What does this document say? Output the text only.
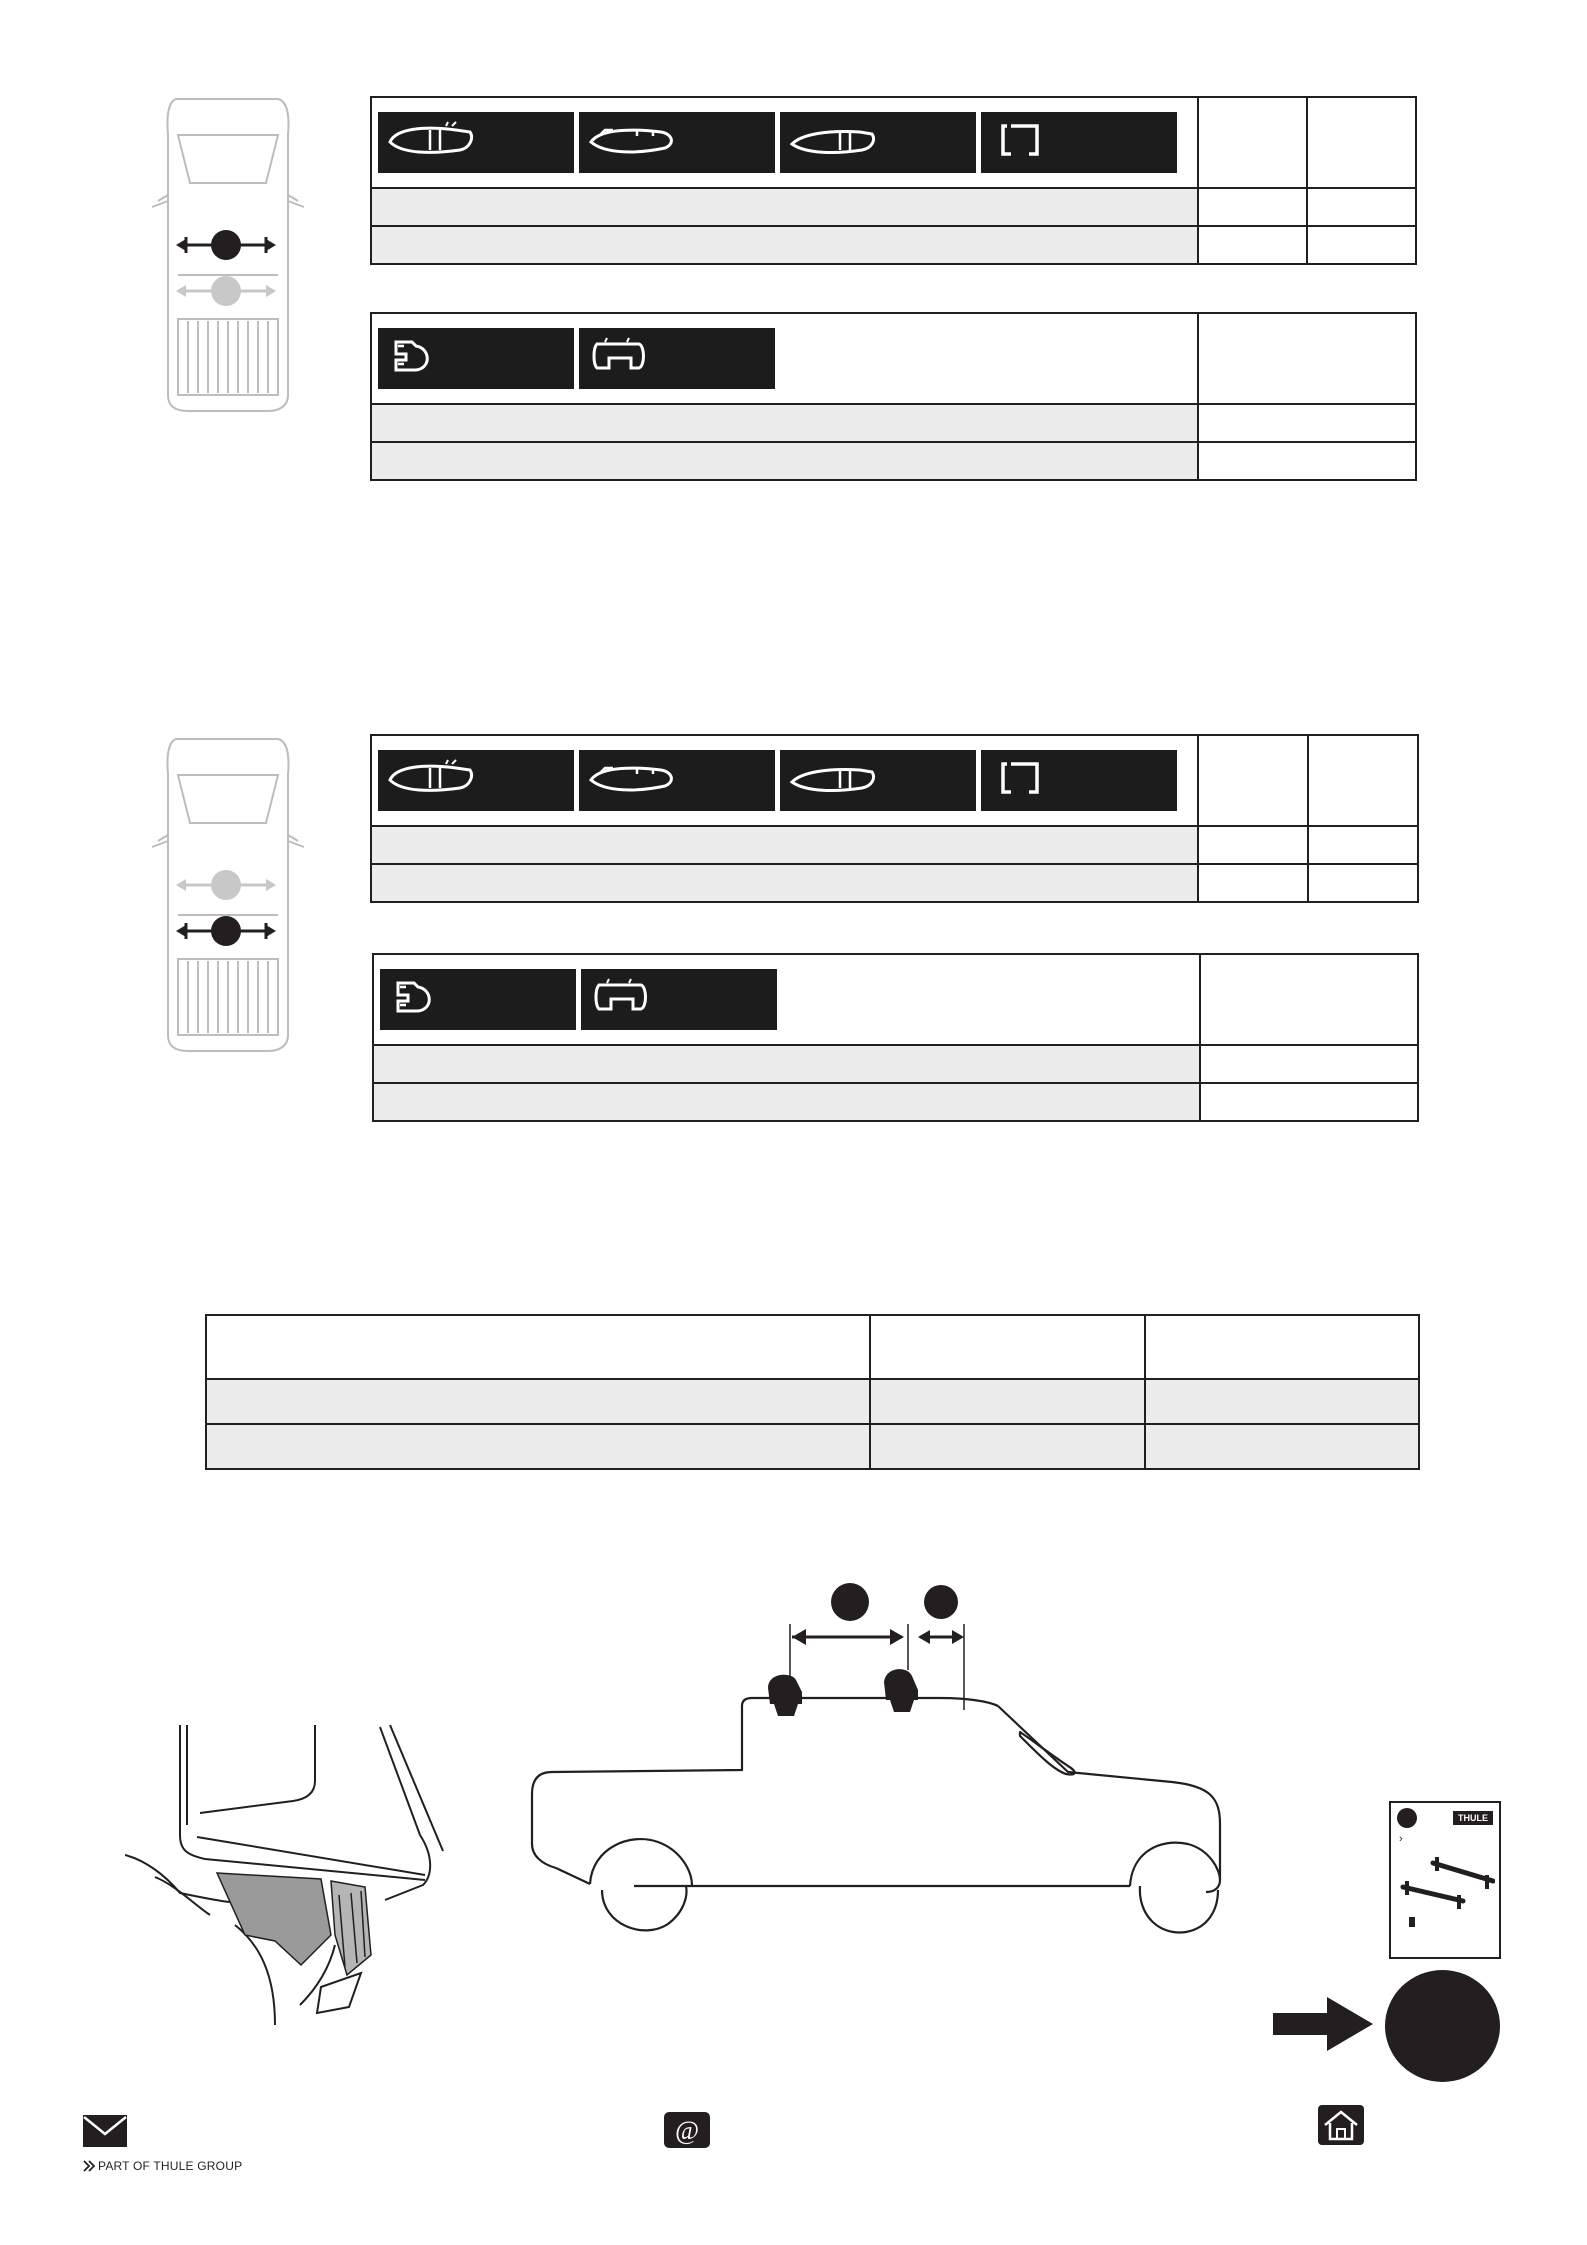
THULE
›
PART OF THULE GROUP
@
